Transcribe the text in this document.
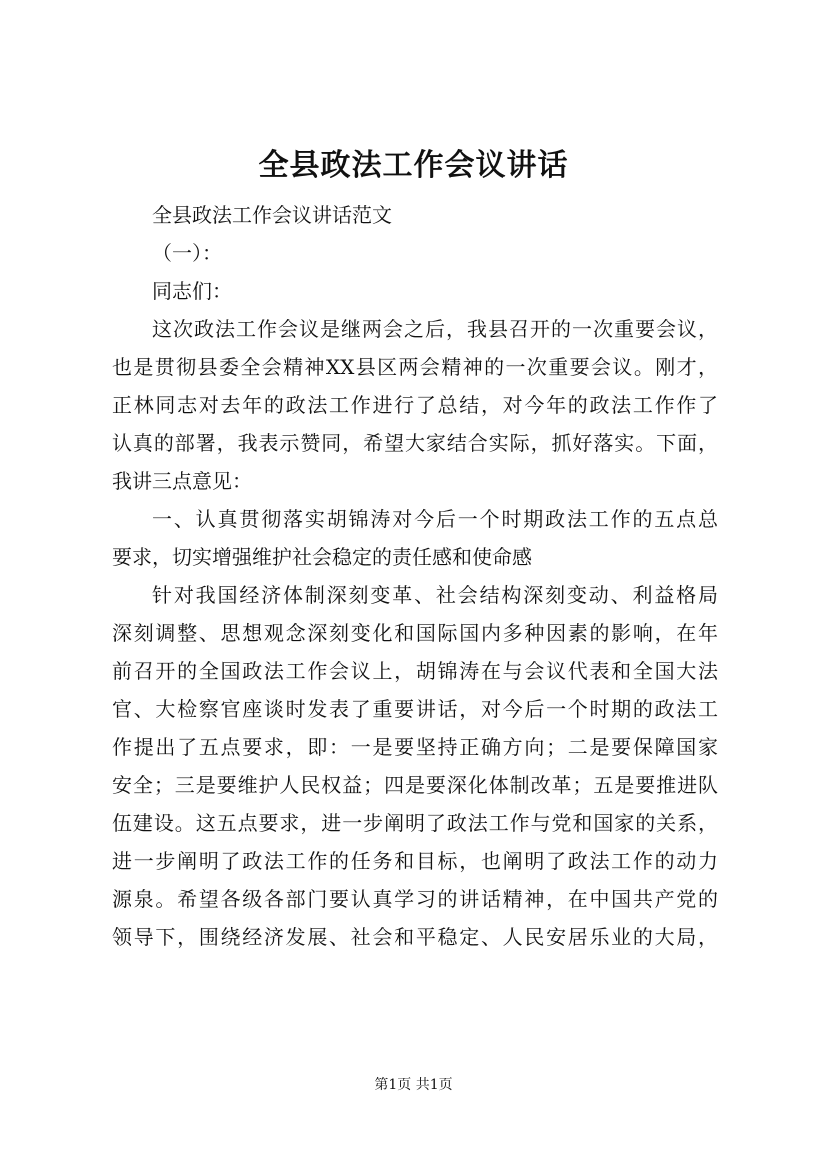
全县政法工作会议讲话

全县政法工作会议讲话范文

（一）：

同志们：

这次政法工作会议是继两会之后，我县召开的一次重要会议，

也是贯彻县委全会精神XX县区两会精神的一次重要会议。刚才，

正林同志对去年的政法工作进行了总结，对今年的政法工作作了

认真的部署，我表示赞同，希望大家结合实际，抓好落实。下面，

我讲三点意见：

一、认真贯彻落实胡锦涛对今后一个时期政法工作的五点总

要求，切实增强维护社会稳定的责任感和使命感

针对我国经济体制深刻变革、社会结构深刻变动、利益格局

深刻调整、思想观念深刻变化和国际国内多种因素的影响，在年

前召开的全国政法工作会议上，胡锦涛在与会议代表和全国大法

官、大检察官座谈时发表了重要讲话，对今后一个时期的政法工

作提出了五点要求，即：一是要坚持正确方向；二是要保障国家

安全；三是要维护人民权益；四是要深化体制改革；五是要推进队

伍建设。这五点要求，进一步阐明了政法工作与党和国家的关系，

进一步阐明了政法工作的任务和目标，也阐明了政法工作的动力

源泉。希望各级各部门要认真学习的讲话精神，在中国共产党的

领导下，围绕经济发展、社会和平稳定、人民安居乐业的大局，

第1页 共1页
